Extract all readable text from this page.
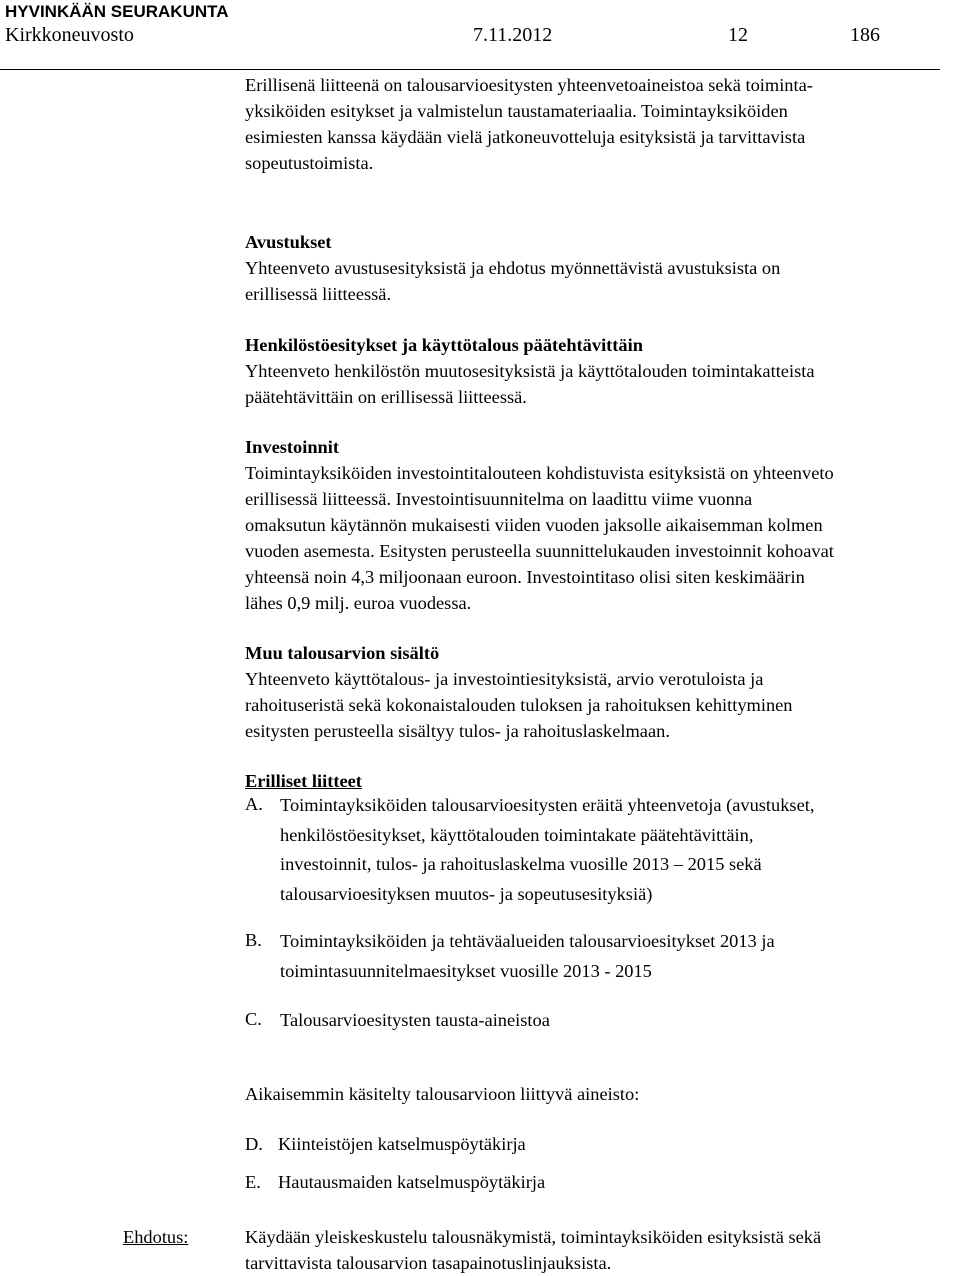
HYVINKÄÄN SEURAKUNTA
Kirkkoneuvosto	7.11.2012	12	186

Erillisenä liitteenä on talousarvioesitysten yhteenvetoaineistoa sekä toiminta-

yksiköiden esitykset ja valmistelun taustamateriaalia. Toimintayksiköiden

esimiesten kanssa käydään vielä jatkoneuvotteluja esityksistä ja tarvittavista

sopeutustoimista.

Avustukset

Yhteenveto avustusesityksistä ja ehdotus myönnettävistä avustuksista on

erillisessä liitteessä.

Henkilöstöesitykset ja käyttötalous päätehtävittäin

Yhteenveto henkilöstön muutosesityksistä ja käyttötalouden toimintakatteista

päätehtävittäin on erillisessä liitteessä.

Investoinnit

Toimintayksiköiden investointitalouteen kohdistuvista esityksistä on yhteenveto

erillisessä liitteessä. Investointisuunnitelma on laadittu viime vuonna

omaksutun käytännön mukaisesti viiden vuoden jaksolle aikaisemman kolmen

vuoden asemesta. Esitysten perusteella suunnittelukauden investoinnit kohoavat

yhteensä noin 4,3 miljoonaan euroon. Investointitaso olisi siten keskimäärin

lähes 0,9 milj. euroa vuodessa.

Muu talousarvion sisältö

Yhteenveto käyttötalous- ja investointiesityksistä, arvio verotuloista ja

rahoituseristä sekä kokonaistalouden tuloksen ja rahoituksen kehittyminen

esitysten perusteella sisältyy tulos- ja rahoituslaskelmaan.

Erilliset liitteet

A. Toimintayksiköiden talousarvioesitysten eräitä yhteenvetoja (avustukset,
henkilöstöesitykset, käyttötalouden toimintakate päätehtävittäin,
investoinnit, tulos- ja rahoituslaskelma vuosille 2013 – 2015 sekä
talousarvioesityksen muutos- ja sopeutusesityksiä)
B. Toimintayksiköiden ja tehtäväalueiden talousarvioesitykset 2013 ja
toimintasuunnitelmaesitykset vuosille 2013 - 2015
C. Talousarvioesitysten tausta-aineistoa

Aikaisemmin käsitelty talousarvioon liittyvä aineisto:

D. Kiinteistöjen katselmuspöytäkirja
E. Hautausmaiden katselmuspöytäkirja
Ehdotus:	Käydään yleiskeskustelu talousnäkymistä, toimintayksiköiden esityksistä sekä

tarvittavista talousarvion tasapainotuslinjauksista.
